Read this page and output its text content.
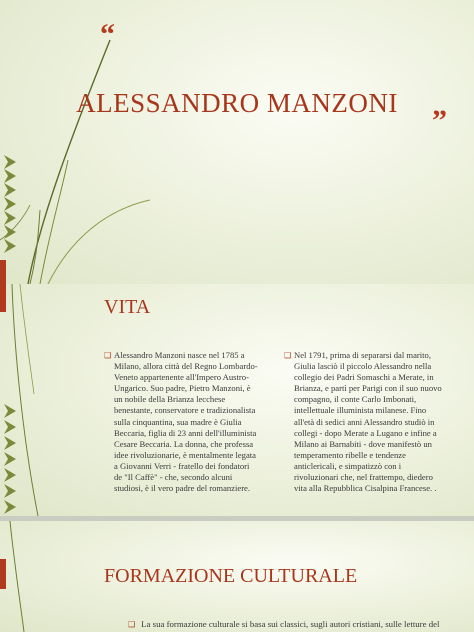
“
ALESSANDRO MANZONI
”
VITA
❑ Alessandro Manzoni nasce nel 1785 a
Milano, allora città del Regno Lombardo-
Veneto appartenente all'Impero Austro-
Ungarico. Suo padre, Pietro Manzoni, è
un nobile della Brianza lecchese
benestante, conservatore e tradizionalista
sulla cinquantina, sua madre è Giulia
Beccaria, figlia di 23 anni dell'illuminista
Cesare Beccaria. La donna, che professa
idee rivoluzionarie, è mentalmente legata
a Giovanni Verri - fratello dei fondatori
de "Il Caffè" - che, secondo alcuni
studiosi, è il vero padre del romanziere.
❑ Nel 1791, prima di separarsi dal marito,
Giulia lasciò il piccolo Alessandro nella
collegio dei Padri Somaschi a Merate, in
Brianza, e partì per Parigi con il suo nuovo
compagno, il conte Carlo Imbonati,
intellettuale illuminista milanese. Fino
all'età di sedici anni Alessandro studiò in
collegi - dopo Merate a Lugano e infine a
Milano ai Barnabiti - dove manifestò un
temperamento ribelle e tendenze
anticlericali, e simpatizzò con i
rivoluzionari che, nel frattempo, diedero
vita alla Repubblica Cisalpina Francese. .
FORMAZIONE CULTURALE
❑ La sua formazione culturale si basa sui classici, sugli autori cristiani, sulle letture del
